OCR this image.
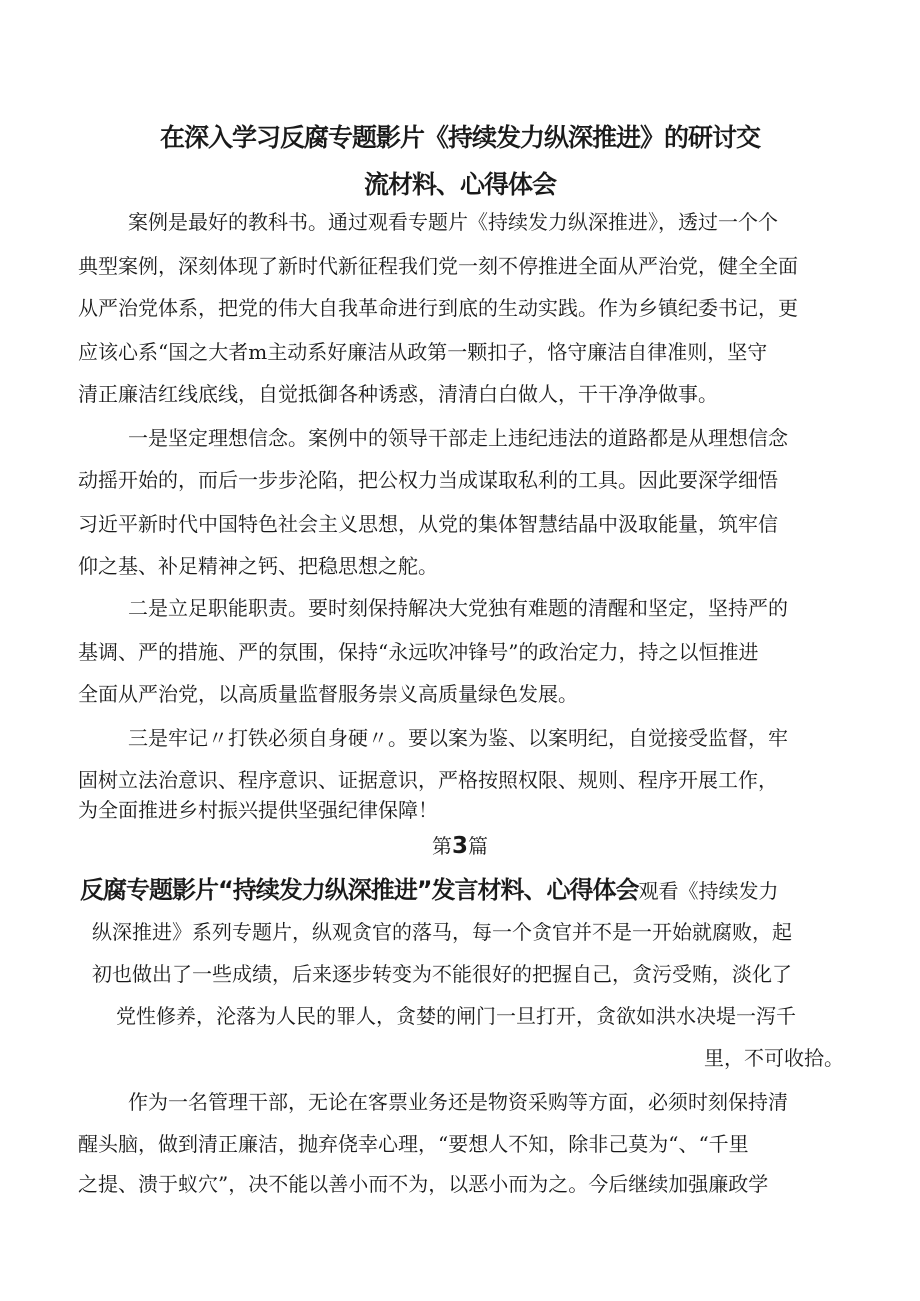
在深入学习反腐专题影片《持续发力纵深推进》的研讨交
流材料、心得体会

案例是最好的教科书。通过观看专题片《持续发力纵深推进》，透过一个个

典型案例，深刻体现了新时代新征程我们党一刻不停推进全面从严治党，健全全面

从严治党体系，把党的伟大自我革命进行到底的生动实践。作为乡镇纪委书记，更

应该心系“国之大者m主动系好廉洁从政第一颗扣子，恪守廉洁自律准则，坚守

清正廉洁红线底线，自觉抵御各种诱惑，清清白白做人，干干净净做事。

一是坚定理想信念。案例中的领导干部走上违纪违法的道路都是从理想信念

动摇开始的，而后一步步沦陷，把公权力当成谋取私利的工具。因此要深学细悟

习近平新时代中国特色社会主义思想，从党的集体智慧结晶中汲取能量，筑牢信

仰之基、补足精神之钙、把稳思想之舵。

二是立足职能职责。要时刻保持解决大党独有难题的清醒和坚定，坚持严的

基调、严的措施、严的氛围，保持“永远吹冲锋号”的政治定力，持之以恒推进

全面从严治党，以高质量监督服务崇义高质量绿色发展。

三是牢记〃打铁必须自身硬〃。要以案为鉴、以案明纪，自觉接受监督，牢

固树立法治意识、程序意识、证据意识，严格按照权限、规则、程序开展工作，

为全面推进乡村振兴提供坚强纪律保障！

第3篇

反腐专题影片“持续发力纵深推进”发言材料、心得体会观看《持续发力

纵深推进》系列专题片，纵观贪官的落马，每一个贪官并不是一开始就腐败，起

初也做出了一些成绩，后来逐步转变为不能很好的把握自己，贪污受贿，淡化了

党性修养，沦落为人民的罪人，贪婪的闸门一旦打开，贪欲如洪水决堤一泻千

里，不可收拾。

作为一名管理干部，无论在客票业务还是物资采购等方面，必须时刻保持清

醒头脑，做到清正廉洁，抛弃侥幸心理，“要想人不知，除非己莫为“、“千里

之提、溃于蚁穴”，决不能以善小而不为，以恶小而为之。今后继续加强廉政学
